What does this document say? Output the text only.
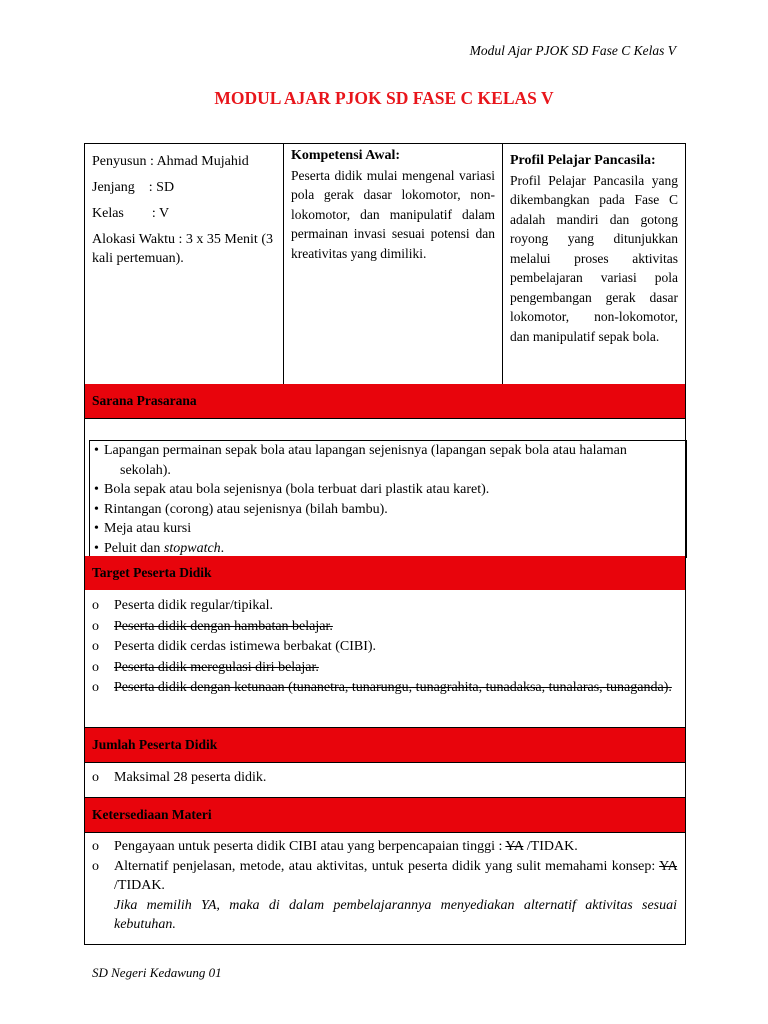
Modul Ajar PJOK SD Fase C Kelas V
MODUL AJAR PJOK SD FASE C KELAS V

Penyusun : Ahmad Mujahid

Jenjang    : SD

Kelas        : V

Alokasi Waktu : 3 x 35 Menit (3 kali pertemuan).

Kompetensi Awal:
Peserta didik mulai mengenal variasi pola gerak dasar lokomotor, non-lokomotor, dan manipulatif dalam permainan invasi sesuai potensi dan kreativitas yang dimiliki.
Profil Pelajar Pancasila:
Profil Pelajar Pancasila yang dikembangkan pada Fase C adalah mandiri dan gotong royong yang ditunjukkan melalui proses aktivitas pembelajaran variasi pola pengembangan gerak dasar lokomotor, non-lokomotor, dan manipulatif sepak bola.
Sarana Prasarana
• Lapangan permainan sepak bola atau lapangan sejenisnya (lapangan sepak bola atau halaman
sekolah).
• Bola sepak atau bola sejenisnya (bola terbuat dari plastik atau karet).
• Rintangan (corong) atau sejenisnya (bilah bambu).
• Meja atau kursi
• Peluit dan stopwatch.
Target Peserta Didik
o Peserta didik regular/tipikal.
o Peserta didik dengan hambatan belajar.
o Peserta didik cerdas istimewa berbakat (CIBI).
o Peserta didik meregulasi diri belajar.
o Peserta didik dengan ketunaan (tunanetra, tunarungu, tunagrahita, tunadaksa, tunalaras, tunaganda).
Jumlah Peserta Didik
o Maksimal 28 peserta didik.
Ketersediaan Materi
o Pengayaan untuk peserta didik CIBI atau yang berpencapaian tinggi : YA /TIDAK.
o Alternatif penjelasan, metode, atau aktivitas, untuk peserta didik yang sulit memahami konsep: YA /TIDAK.
Jika memilih YA, maka di dalam pembelajarannya menyediakan alternatif aktivitas sesuai kebutuhan.
SD Negeri Kedawung 01
